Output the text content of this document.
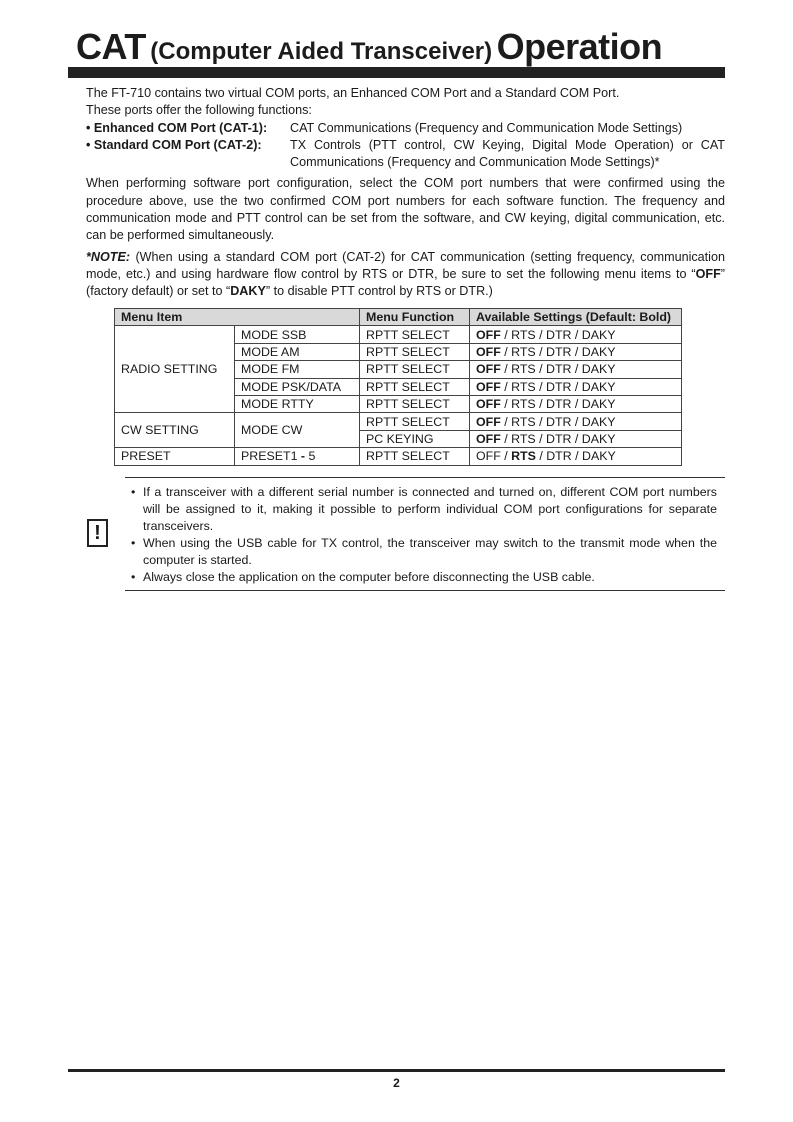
CAT (Computer Aided Transceiver) Operation

The FT-710 contains two virtual COM ports, an Enhanced COM Port and a Standard COM Port.

These ports offer the following functions:

• Enhanced COM Port (CAT-1):	CAT Communications (Frequency and Communication Mode Settings)
• Standard COM Port (CAT-2):	TX Controls (PTT control, CW Keying, Digital Mode Operation) or CAT Communications (Frequency and Communication Mode Settings)*

When performing software port configuration, select the COM port numbers that were confirmed using the procedure above, use the two confirmed COM port numbers for each software function. The frequency and communication mode and PTT control can be set from the software, and CW keying, digital communication, etc. can be performed simultaneously.

*NOTE: (When using a standard COM port (CAT-2) for CAT communication (setting frequency, communication mode, etc.) and using hardware flow control by RTS or DTR, be sure to set the following menu items to “OFF” (factory default) or set to “DAKY” to disable PTT control by RTS or DTR.)

Menu Item		Menu Function	Available Settings (Default: Bold)
RADIO SETTING	MODE SSB	RPTT SELECT	OFF / RTS / DTR / DAKY
	MODE AM	RPTT SELECT	OFF / RTS / DTR / DAKY
	MODE FM	RPTT SELECT	OFF / RTS / DTR / DAKY
	MODE PSK/DATA	RPTT SELECT	OFF / RTS / DTR / DAKY
	MODE RTTY	RPTT SELECT	OFF / RTS / DTR / DAKY
CW SETTING	MODE CW	RPTT SELECT	OFF / RTS / DTR / DAKY
		PC KEYING	OFF / RTS / DTR / DAKY
PRESET	PRESET1 - 5	RPTT SELECT	OFF / RTS / DTR / DAKY
!
• If a transceiver with a different serial number is connected and turned on, different COM port numbers will be assigned to it, making it possible to perform individual COM port configurations for separate transceivers.
• When using the USB cable for TX control, the transceiver may switch to the transmit mode when the computer is started.
• Always close the application on the computer before disconnecting the USB cable.
2
